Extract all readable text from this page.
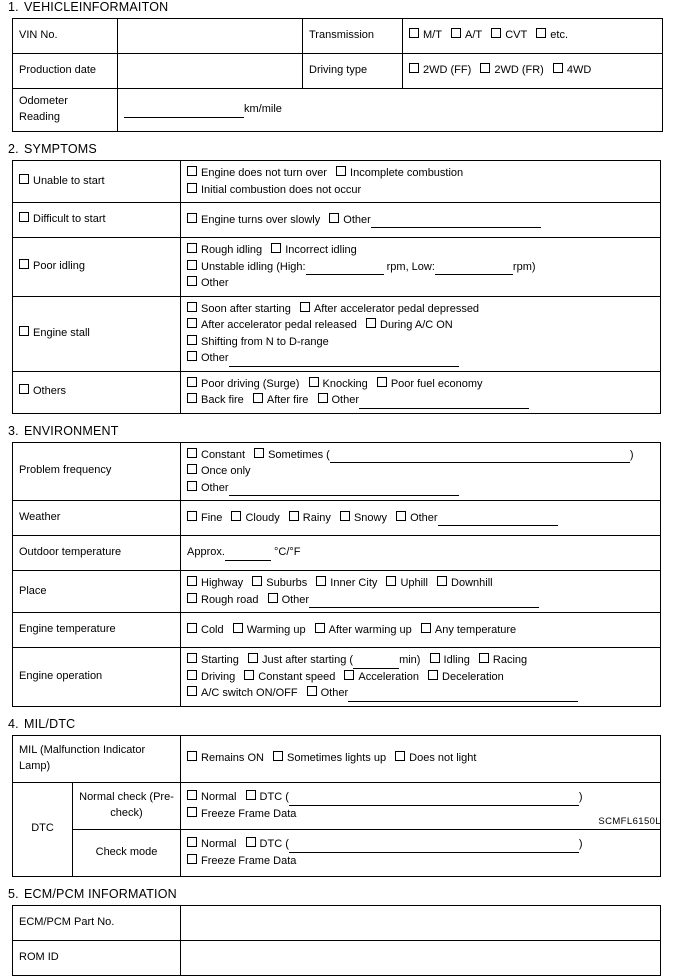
1. VEHICLEINFORMAITON
VIN No.		Transmission	M/T A/T CVT etc.
Production date		Driving type	2WD (FF) 2WD (FR) 4WD
Odometer Reading	km/mile		
2. SYMPTOMS
Unable to start	Engine does not turn over Incomplete combustion
Initial combustion does not occur

Difficult to start	Engine turns over slowly Other

Poor idling	Rough idling Incorrect idling
Unstable idling (High: rpm, Low: rpm)
Other

Engine stall	Soon after starting After accelerator pedal depressed
After accelerator pedal released During A/C ON
Shifting from N to D-range
Other

Others	Poor driving (Surge) Knocking Poor fuel economy
Back fire After fire Other
3. ENVIRONMENT
Problem frequency	Constant Sometimes ( ) Once only
Other

Weather	Fine Cloudy Rainy Snowy Other

Outdoor temperature	Approx. °C/°F
Place	Highway Suburbs Inner City Uphill Downhill
Rough road Other

Engine temperature	Cold Warming up After warming up Any temperature

Engine operation	Starting Just after starting ( min) Idling Racing
Driving Constant speed Acceleration Deceleration
A/C switch ON/OFF Other
4. MIL/DTC
MIL (Malfunction Indicator Lamp)		Remains ON Sometimes lights up Does not light
DTC	Normal check (Pre-check)	Normal DTC ( )
Freeze Frame Data

	Check mode	Normal DTC ( )
Freeze Frame Data
5. ECM/PCM INFORMATION
ECM/PCM Part No.	
ROM ID	
SCMFL6150L
